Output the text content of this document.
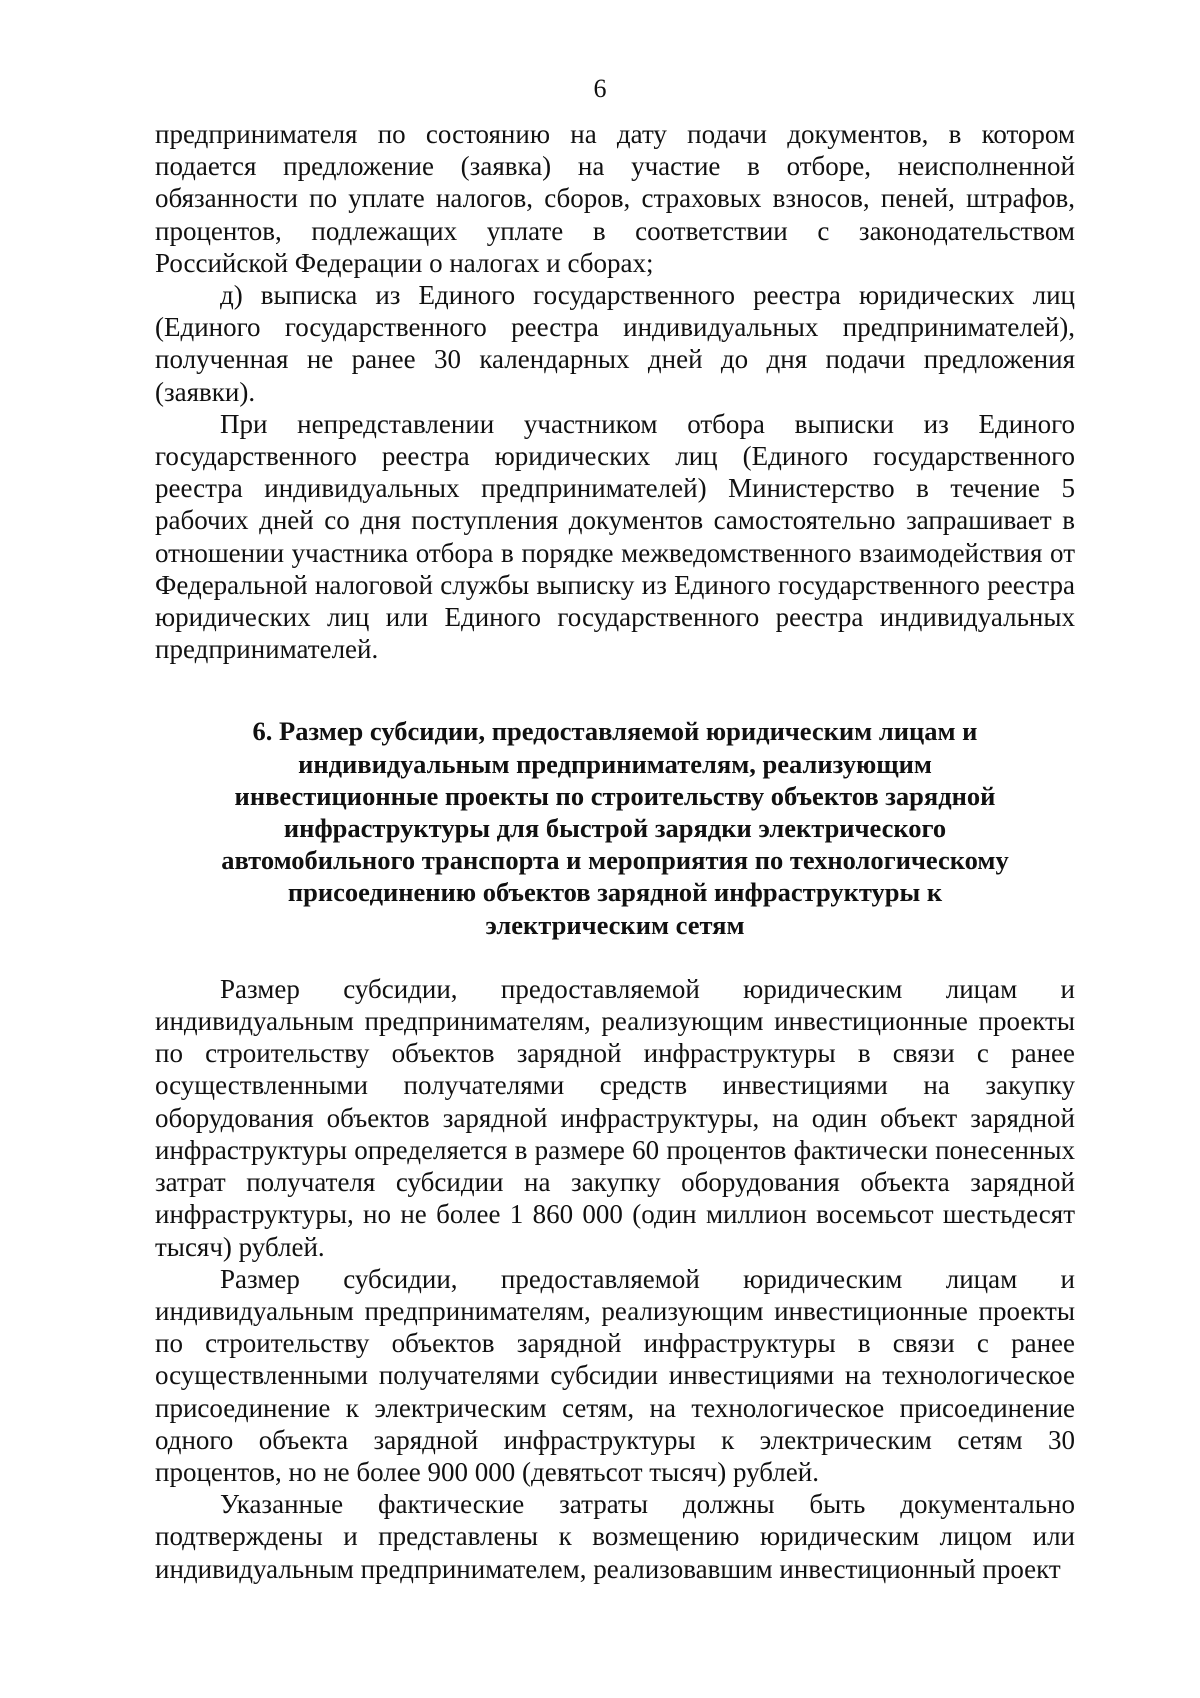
6

предпринимателя по состоянию на дату подачи документов, в котором подается предложение (заявка) на участие в отборе, неисполненной обязанности по уплате налогов, сборов, страховых взносов, пеней, штрафов, процентов, подлежащих уплате в соответствии с законодательством Российской Федерации о налогах и сборах;

д) выписка из Единого государственного реестра юридических лиц (Единого государственного реестра индивидуальных предпринимателей), полученная не ранее 30 календарных дней до дня подачи предложения (заявки).

При непредставлении участником отбора выписки из Единого государственного реестра юридических лиц (Единого государственного реестра индивидуальных предпринимателей) Министерство в течение 5 рабочих дней со дня поступления документов самостоятельно запрашивает в отношении участника отбора в порядке межведомственного взаимодействия от Федеральной налоговой службы выписку из Единого государственного реестра юридических лиц или Единого государственного реестра индивидуальных предпринимателей.

6. Размер субсидии, предоставляемой юридическим лицам и индивидуальным предпринимателям, реализующим инвестиционные проекты по строительству объектов зарядной инфраструктуры для быстрой зарядки электрического автомобильного транспорта и мероприятия по технологическому присоединению объектов зарядной инфраструктуры к электрическим сетям

Размер субсидии, предоставляемой юридическим лицам и индивидуальным предпринимателям, реализующим инвестиционные проекты по строительству объектов зарядной инфраструктуры в связи с ранее осуществленными получателями средств инвестициями на закупку оборудования объектов зарядной инфраструктуры, на один объект зарядной инфраструктуры определяется в размере 60 процентов фактически понесенных затрат получателя субсидии на закупку оборудования объекта зарядной инфраструктуры, но не более 1 860 000 (один миллион восемьсот шестьдесят тысяч) рублей.

Размер субсидии, предоставляемой юридическим лицам и индивидуальным предпринимателям, реализующим инвестиционные проекты по строительству объектов зарядной инфраструктуры в связи с ранее осуществленными получателями субсидии инвестициями на технологическое присоединение к электрическим сетям, на технологическое присоединение одного объекта зарядной инфраструктуры к электрическим сетям 30 процентов, но не более 900 000 (девятьсот тысяч) рублей.

Указанные фактические затраты должны быть документально подтверждены и представлены к возмещению юридическим лицом или индивидуальным предпринимателем, реализовавшим инвестиционный проект
